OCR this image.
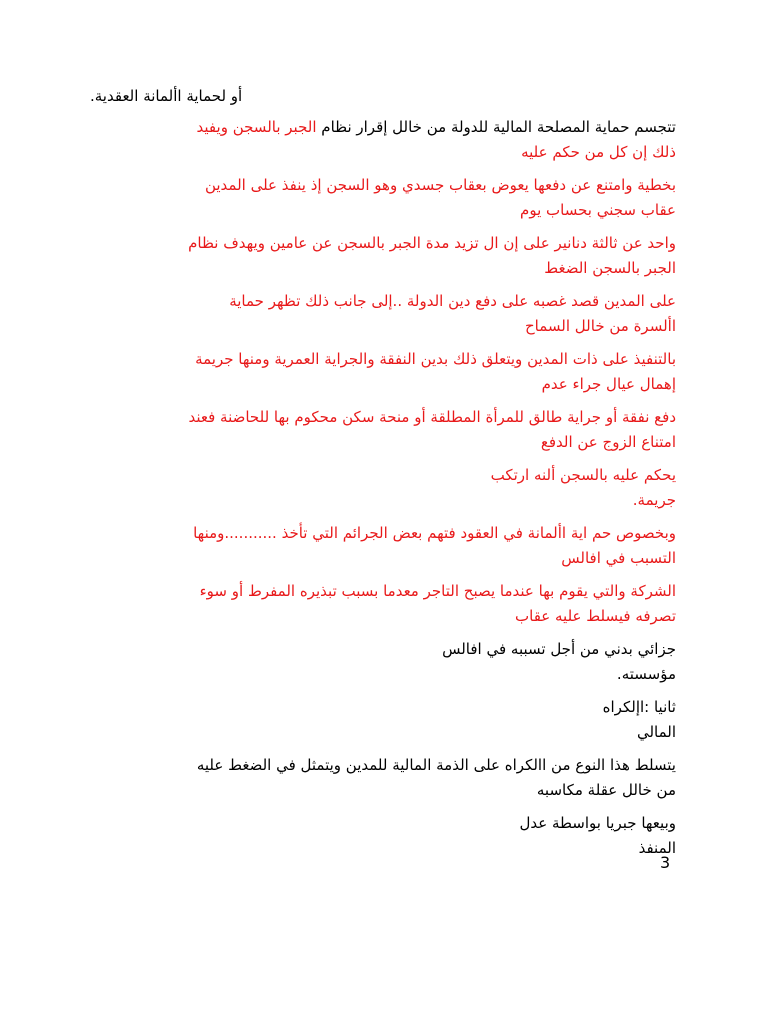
أو لحماية األمانة العقدية.

تتجسم حماية المصلحة المالية للدولة من خالل إقرار نظام الجبر بالسجن ويفيد
ذلك إن كل من حكم عليه

بخطية وامتنع عن دفعها يعوض بعقاب جسدي وهو السجن إذ ينفذ على المدين
عقاب سجني بحساب يوم

واحد عن ثالثة دنانير على إن ال تزيد مدة الجبر بالسجن عن عامين ويهدف نظام
الجبر بالسجن الضغط

على المدين قصد غصبه على دفع دين الدولة ..إلى جانب ذلك تظهر حماية
األسرة من خالل السماح

بالتنفيذ على ذات المدين ويتعلق ذلك بدين النفقة والجراية العمرية ومنها جريمة
إهمال عيال جراء عدم

دفع نفقة أو جراية طالق للمرأة المطلقة أو منحة سكن محكوم بها للحاضنة فعند
امتناع الزوج عن الدفع

يحكم عليه بالسجن ألنه ارتكب
جريمة.

وبخصوص حم اية األمانة في العقود فتهم بعض الجرائم التي تأخذ ...........ومنها
التسبب في افالس

الشركة والتي يقوم بها عندما يصبح التاجر معدما بسبب تبذيره المفرط أو سوء
تصرفه فيسلط عليه عقاب

جزائي بدني من أجل تسببه في افالس
مؤسسته.

ثانيا :اإلكراه
المالي

يتسلط هذا النوع من االكراه على الذمة المالية للمدين ويتمثل في الضغط عليه
من خالل عقلة مكاسبه

وبيعها جبريا بواسطة عدل
المنفذ

3
